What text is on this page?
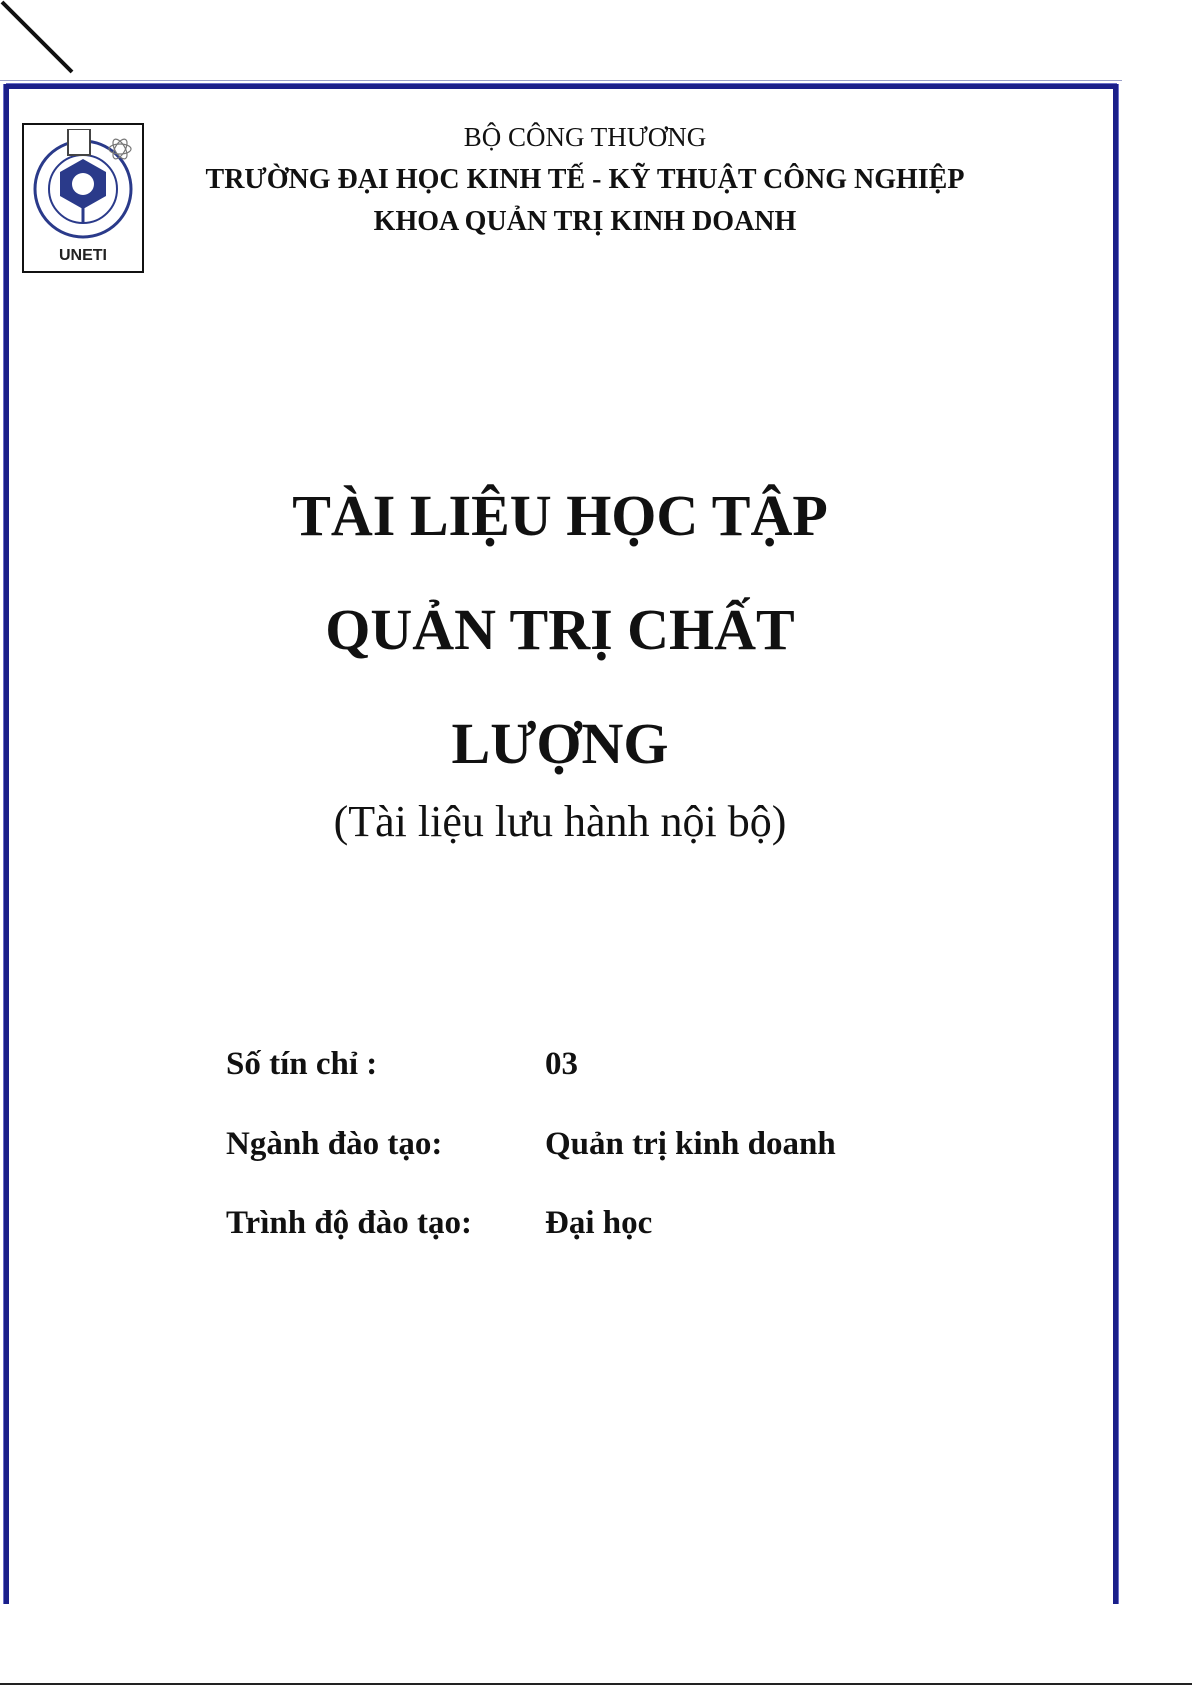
UNETI
BỘ CÔNG THƯƠNG
TRƯỜNG ĐẠI HỌC KINH TẾ - KỸ THUẬT CÔNG NGHIỆP
KHOA QUẢN TRỊ KINH DOANH
TÀI LIỆU HỌC TẬP
QUẢN TRỊ CHẤT
LƯỢNG
(Tài liệu lưu hành nội bộ)
Số tín chỉ :	03
Ngành đào tạo:	Quản trị kinh doanh
Trình độ đào tạo: Đại học
